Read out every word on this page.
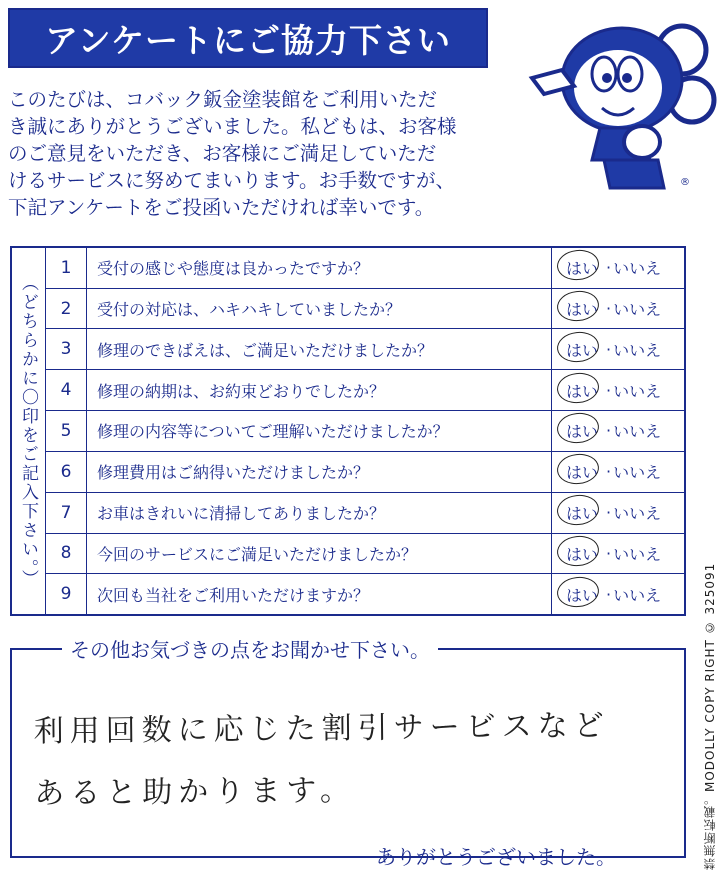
アンケートにご協力下さい
このたびは、コバック鈑金塗装館をご利用いただ
き誠にありがとうございました。私どもは、お客様
のご意見をいただき、お客様にご満足していただ
けるサービスに努めてまいります。お手数ですが、
下記アンケートをご投函いただければ幸いです。
®
（どちらかに〇印をご記入下さい。）
1	受付の感じや態度は良かったですか？	はい · いいえ

2	受付の対応は、ハキハキしていましたか？	はい · いいえ

3	修理のできばえは、ご満足いただけましたか？	はい · いいえ

4	修理の納期は、お約束どおりでしたか？	はい · いいえ

5	修理の内容等についてご理解いただけましたか？	はい · いいえ

6	修理費用はご納得いただけましたか？	はい · いいえ

7	お車はきれいに清掃してありましたか？	はい · いいえ

8	今回のサービスにご満足いただけましたか？	はい · いいえ

9	次回も当社をご利用いただけますか？	はい · いいえ
その他お気づきの点をお聞かせ下さい。
利用回数に応じた割引サービスなど
あると助かります。
ありがとうございました。	禁無断転載。MODOLLY COPY RIGHT © 325091
